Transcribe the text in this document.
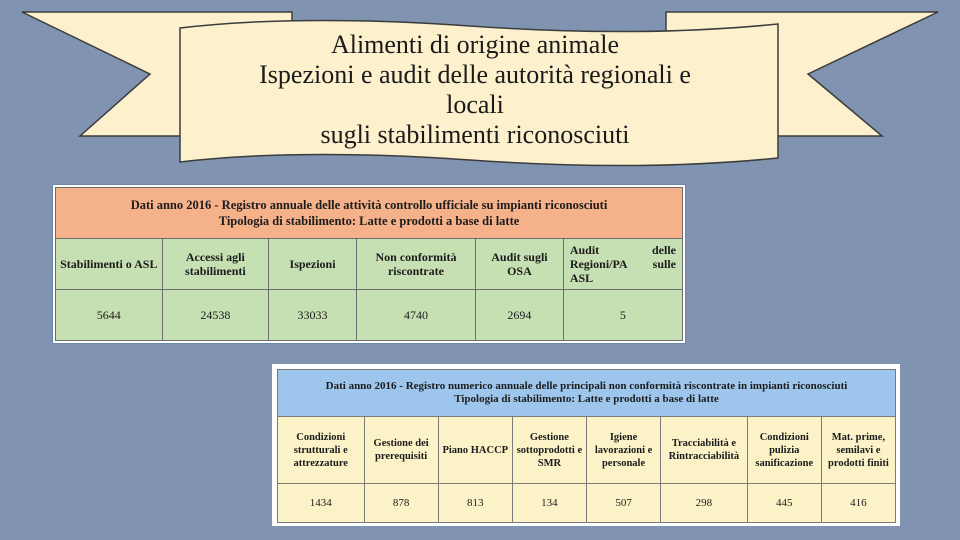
Alimenti di origine animale
Ispezioni e audit delle autorità regionali e
locali
sugli stabilimenti riconosciuti
Dati anno 2016 - Registro annuale delle attività controllo ufficiale su impianti riconosciuti
Tipologia di stabilimento: Latte e prodotti a base di latte					

Stabilimenti o ASL	Accessi agli stabilimenti	Ispezioni	Non conformità riscontrate	Audit sugli OSA	Audit delle Regioni/PA sulle ASL
5644	24538	33033	4740	2694	5
Dati anno 2016 - Registro numerico annuale delle principali non conformità riscontrate in impianti riconosciuti
Tipologia di stabilimento: Latte e prodotti a base di latte							

Condizioni strutturali e attrezzature	Gestione dei prerequisiti	Piano HACCP	Gestione sottoprodotti e SMR	Igiene lavorazioni e personale	Tracciabilità e Rintracciabilità	Condizioni pulizia sanificazione	Mat. prime, semilavi e prodotti finiti
1434	878	813	134	507	298	445	416
